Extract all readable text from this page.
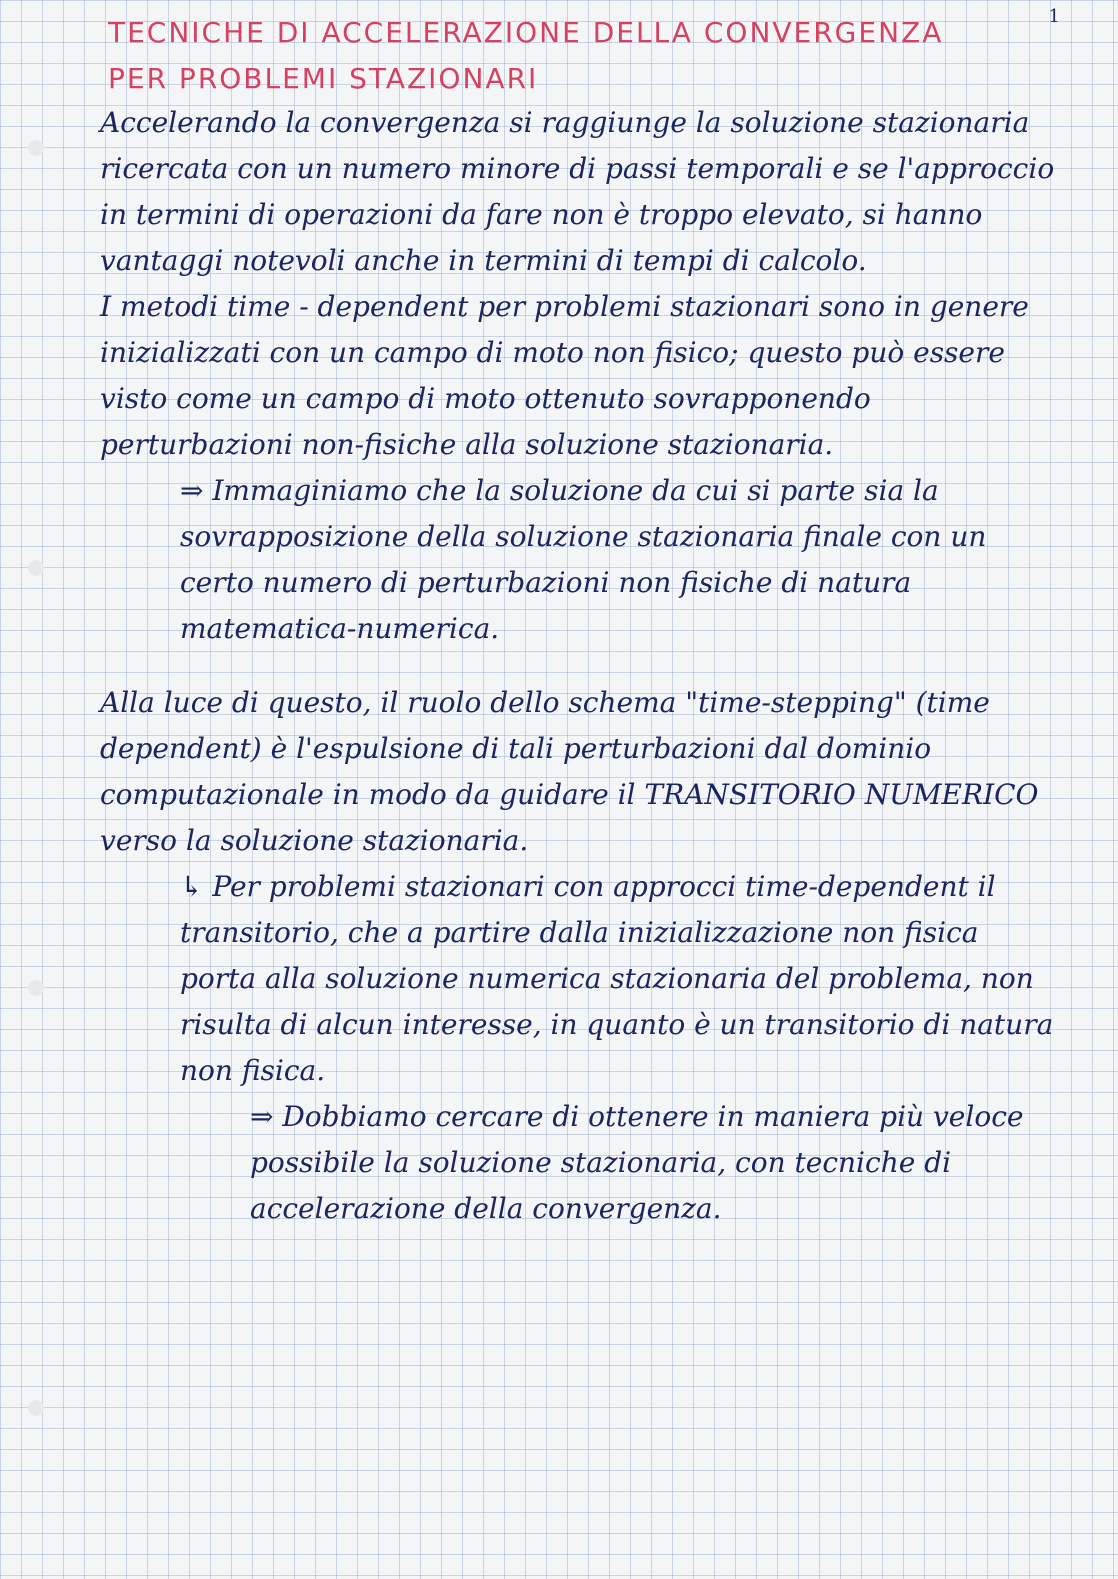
1
TECNICHE DI ACCELERAZIONE DELLA CONVERGENZA PER PROBLEMI STAZIONARI

Accelerando la convergenza si raggiunge la soluzione stazionaria ricercata con un numero minore di passi temporali e se l'approccio in termini di operazioni da fare non è troppo elevato, si hanno vantaggi notevoli anche in termini di tempi di calcolo.

I metodi time - dependent per problemi stazionari sono in genere inizializzati con un campo di moto non fisico; questo può essere visto come un campo di moto ottenuto sovrapponendo perturbazioni non-fisiche alla soluzione stazionaria.

⇒ Immaginiamo che la soluzione da cui si parte sia la sovrapposizione della soluzione stazionaria finale con un certo numero di perturbazioni non fisiche di natura matematica-numerica.

Alla luce di questo, il ruolo dello schema "time-stepping" (time dependent) è l'espulsione di tali perturbazioni dal dominio computazionale in modo da guidare il TRANSITORIO NUMERICO verso la soluzione stazionaria.

↳ Per problemi stazionari con approcci time-dependent il transitorio, che a partire dalla inizializzazione non fisica porta alla soluzione numerica stazionaria del problema, non risulta di alcun interesse, in quanto è un transitorio di natura non fisica.

⇒ Dobbiamo cercare di ottenere in maniera più veloce possibile la soluzione stazionaria, con tecniche di accelerazione della convergenza.
